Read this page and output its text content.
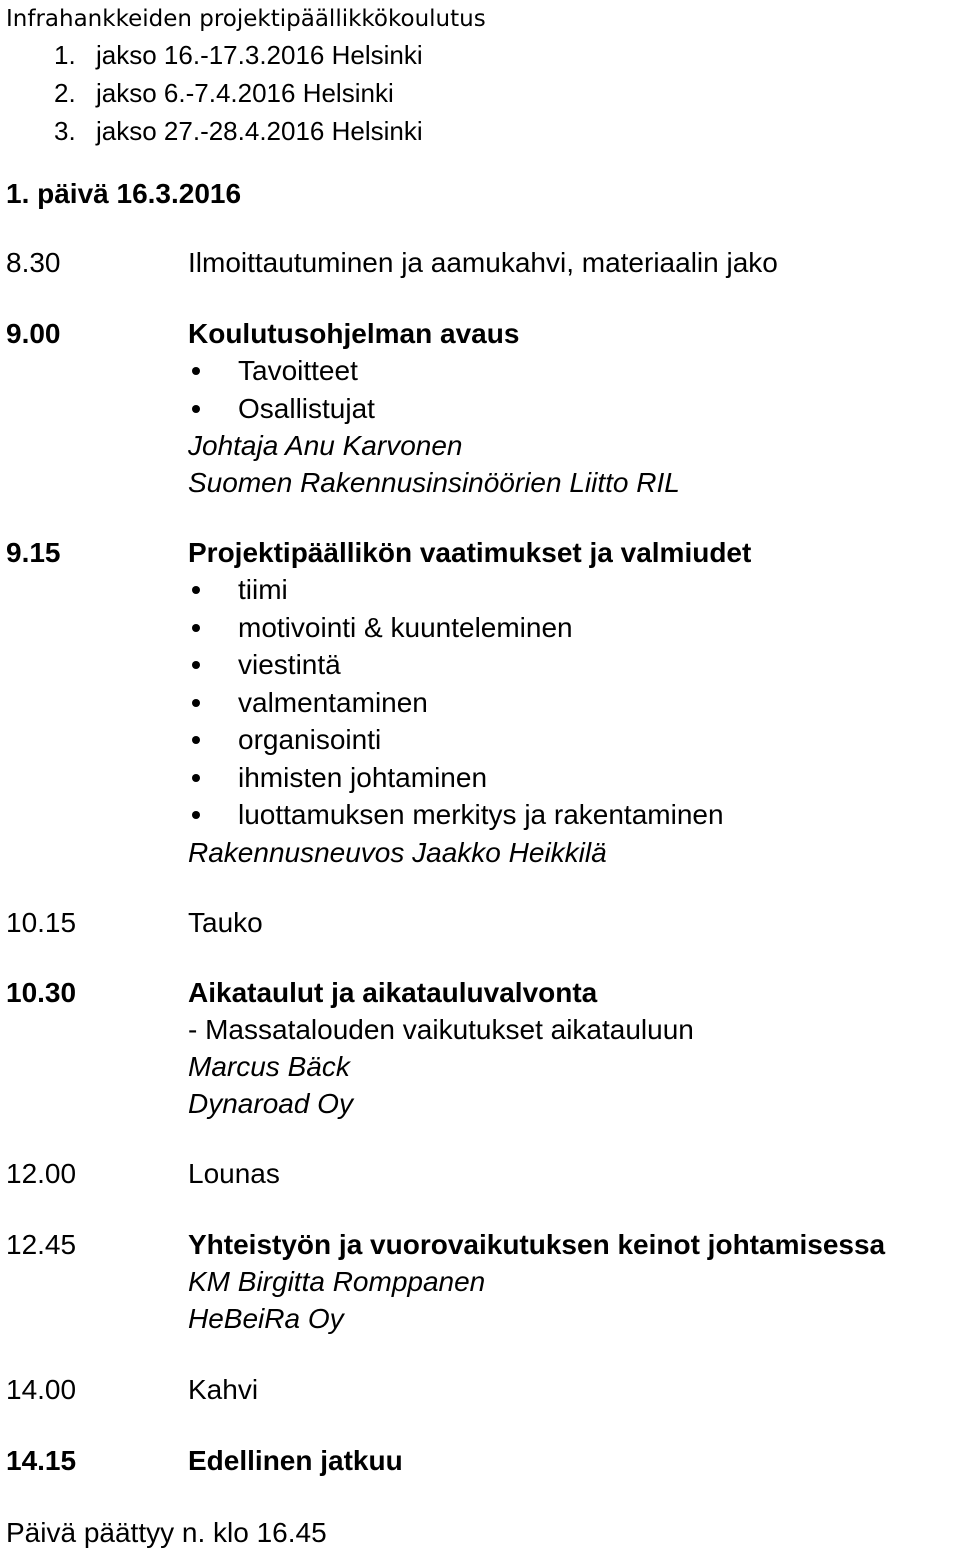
Infrahankkeiden projektipäällikkökoulutus
1. jakso 16.-17.3.2016 Helsinki
2. jakso 6.-7.4.2016 Helsinki
3. jakso 27.-28.4.2016 Helsinki
1. päivä 16.3.2016
8.30	Ilmoittautuminen ja aamukahvi, materiaalin jako
9.00	Koulutusohjelman avaus
Tavoitteet
Osallistujat
Johtaja Anu Karvonen
Suomen Rakennusinsinöörien Liitto RIL
9.15	Projektipäällikön vaatimukset ja valmiudet
tiimi
motivointi & kuunteleminen
viestintä
valmentaminen
organisointi
ihmisten johtaminen
luottamuksen merkitys ja rakentaminen
Rakennusneuvos Jaakko Heikkilä
10.15	Tauko
10.30	Aikataulut ja aikatauluvalvonta
- Massatalouden vaikutukset aikatauluun
Marcus Bäck
Dynaroad Oy
12.00	Lounas
12.45	Yhteistyön ja vuorovaikutuksen keinot johtamisessa
KM Birgitta Romppanen
HeBeiRa Oy
14.00	Kahvi
14.15	Edellinen jatkuu
Päivä päättyy n. klo 16.45
